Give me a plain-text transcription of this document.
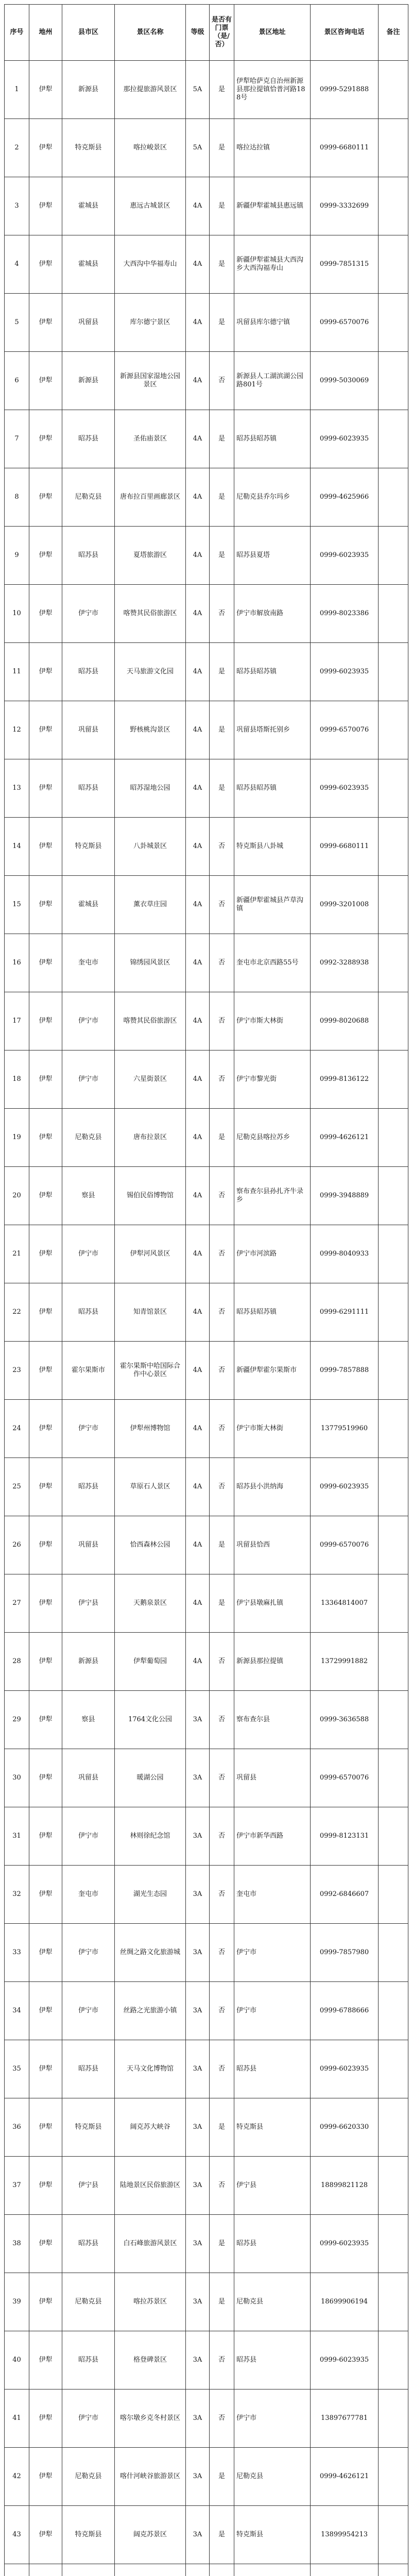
序号	地州	县市区	景区名称	等级	是否有门票（是/否）	景区地址	景区咨询电话	备注
1	伊犁	新源县	那拉提旅游风景区	5A	是	伊犁哈萨克自治州新源县那拉提镇恰普河路188号	0999-5291888	
2	伊犁	特克斯县	喀拉峻景区	5A	是	喀拉达拉镇	0999-6680111	
3	伊犁	霍城县	惠远古城景区	4A	是	新疆伊犁霍城县惠远镇	0999-3332699	
4	伊犁	霍城县	大西沟中华福寿山	4A	是	新疆伊犁霍城县大西沟乡大西沟福寿山	0999-7851315	
5	伊犁	巩留县	库尔德宁景区	4A	是	巩留县库尔德宁镇	0999-6570076	
6	伊犁	新源县	新源县国家湿地公园景区	4A	否	新源县人工湖滨湖公园路801号	0999-5030069	
7	伊犁	昭苏县	圣佑庙景区	4A	是	昭苏县昭苏镇	0999-6023935	
8	伊犁	尼勒克县	唐布拉百里画廊景区	4A	是	尼勒克县乔尔玛乡	0999-4625966	
9	伊犁	昭苏县	夏塔旅游区	4A	是	昭苏县夏塔	0999-6023935	
10	伊犁	伊宁市	喀赞其民俗旅游区	4A	否	伊宁市解放南路	0999-8023386	
11	伊犁	昭苏县	天马旅游文化园	4A	是	昭苏县昭苏镇	0999-6023935	
12	伊犁	巩留县	野核桃沟景区	4A	是	巩留县塔斯托别乡	0999-6570076	
13	伊犁	昭苏县	昭苏湿地公园	4A	是	昭苏县昭苏镇	0999-6023935	
14	伊犁	特克斯县	八卦城景区	4A	否	特克斯县八卦城	0999-6680111	
15	伊犁	霍城县	薰衣草庄园	4A	否	新疆伊犁霍城县芦草沟镇	0999-3201008	
16	伊犁	奎屯市	锦绣园风景区	4A	否	奎屯市北京西路55号	0992-3288938	
17	伊犁	伊宁市	喀赞其民俗旅游区	4A	否	伊宁市斯大林街	0999-8020688	
18	伊犁	伊宁市	六星街景区	4A	否	伊宁市黎光街	0999-8136122	
19	伊犁	尼勒克县	唐布拉景区	4A	是	尼勒克县喀拉苏乡	0999-4626121	
20	伊犁	察县	锡伯民俗博物馆	4A	否	察布查尔县孙扎齐牛录乡	0999-3948889	
21	伊犁	伊宁市	伊犁河风景区	4A	否	伊宁市河滨路	0999-8040933	
22	伊犁	昭苏县	知青馆景区	4A	否	昭苏县昭苏镇	0999-6291111	
23	伊犁	霍尔果斯市	霍尔果斯中哈国际合作中心景区	4A	否	新疆伊犁霍尔果斯市	0999-7857888	
24	伊犁	伊宁市	伊犁州博物馆	4A	否	伊宁市斯大林街	13779519960	
25	伊犁	昭苏县	草原石人景区	4A	否	昭苏县小洪纳海	0999-6023935	
26	伊犁	巩留县	恰西森林公园	4A	是	巩留县恰西	0999-6570076	
27	伊犁	伊宁县	天鹅泉景区	4A	是	伊宁县墩麻扎镇	13364814007	
28	伊犁	新源县	伊犁葡萄园	4A	否	新源县那拉提镇	13729991882	
29	伊犁	察县	1764文化公园	3A	否	察布查尔县	0999-3636588	
30	伊犁	巩留县	暖湖公园	3A	否	巩留县	0999-6570076	
31	伊犁	伊宁市	林则徐纪念馆	3A	否	伊宁市新华西路	0999-8123131	
32	伊犁	奎屯市	湖光生态园	3A	否	奎屯市	0992-6846607	
33	伊犁	伊宁市	丝绸之路文化旅游城	3A	否	伊宁市	0999-7857980	
34	伊犁	伊宁市	丝路之光旅游小镇	3A	否	伊宁市	0999-6788666	
35	伊犁	昭苏县	天马文化博物馆	3A	否	昭苏县	0999-6023935	
36	伊犁	特克斯县	阔克苏大峡谷	3A	是	特克斯县	0999-6620330	
37	伊犁	伊宁县	陆地景区民俗旅游区	3A	否	伊宁县	18899821128	
38	伊犁	昭苏县	白石峰旅游风景区	3A	是	昭苏县	0999-6023935	
39	伊犁	尼勒克县	喀拉苏景区	3A	是	尼勒克县	18699906194	
40	伊犁	昭苏县	格登碑景区	3A	否	昭苏县	0999-6023935	
41	伊犁	伊宁市	喀尔墩乡克冬村景区	3A	否	伊宁市	13897677781	
42	伊犁	尼勒克县	喀什河峡谷旅游景区	3A	是	尼勒克县	0999-4626121	
43	伊犁	特克斯县	阔克苏景区	3A	是	特克斯县	13899954213	
